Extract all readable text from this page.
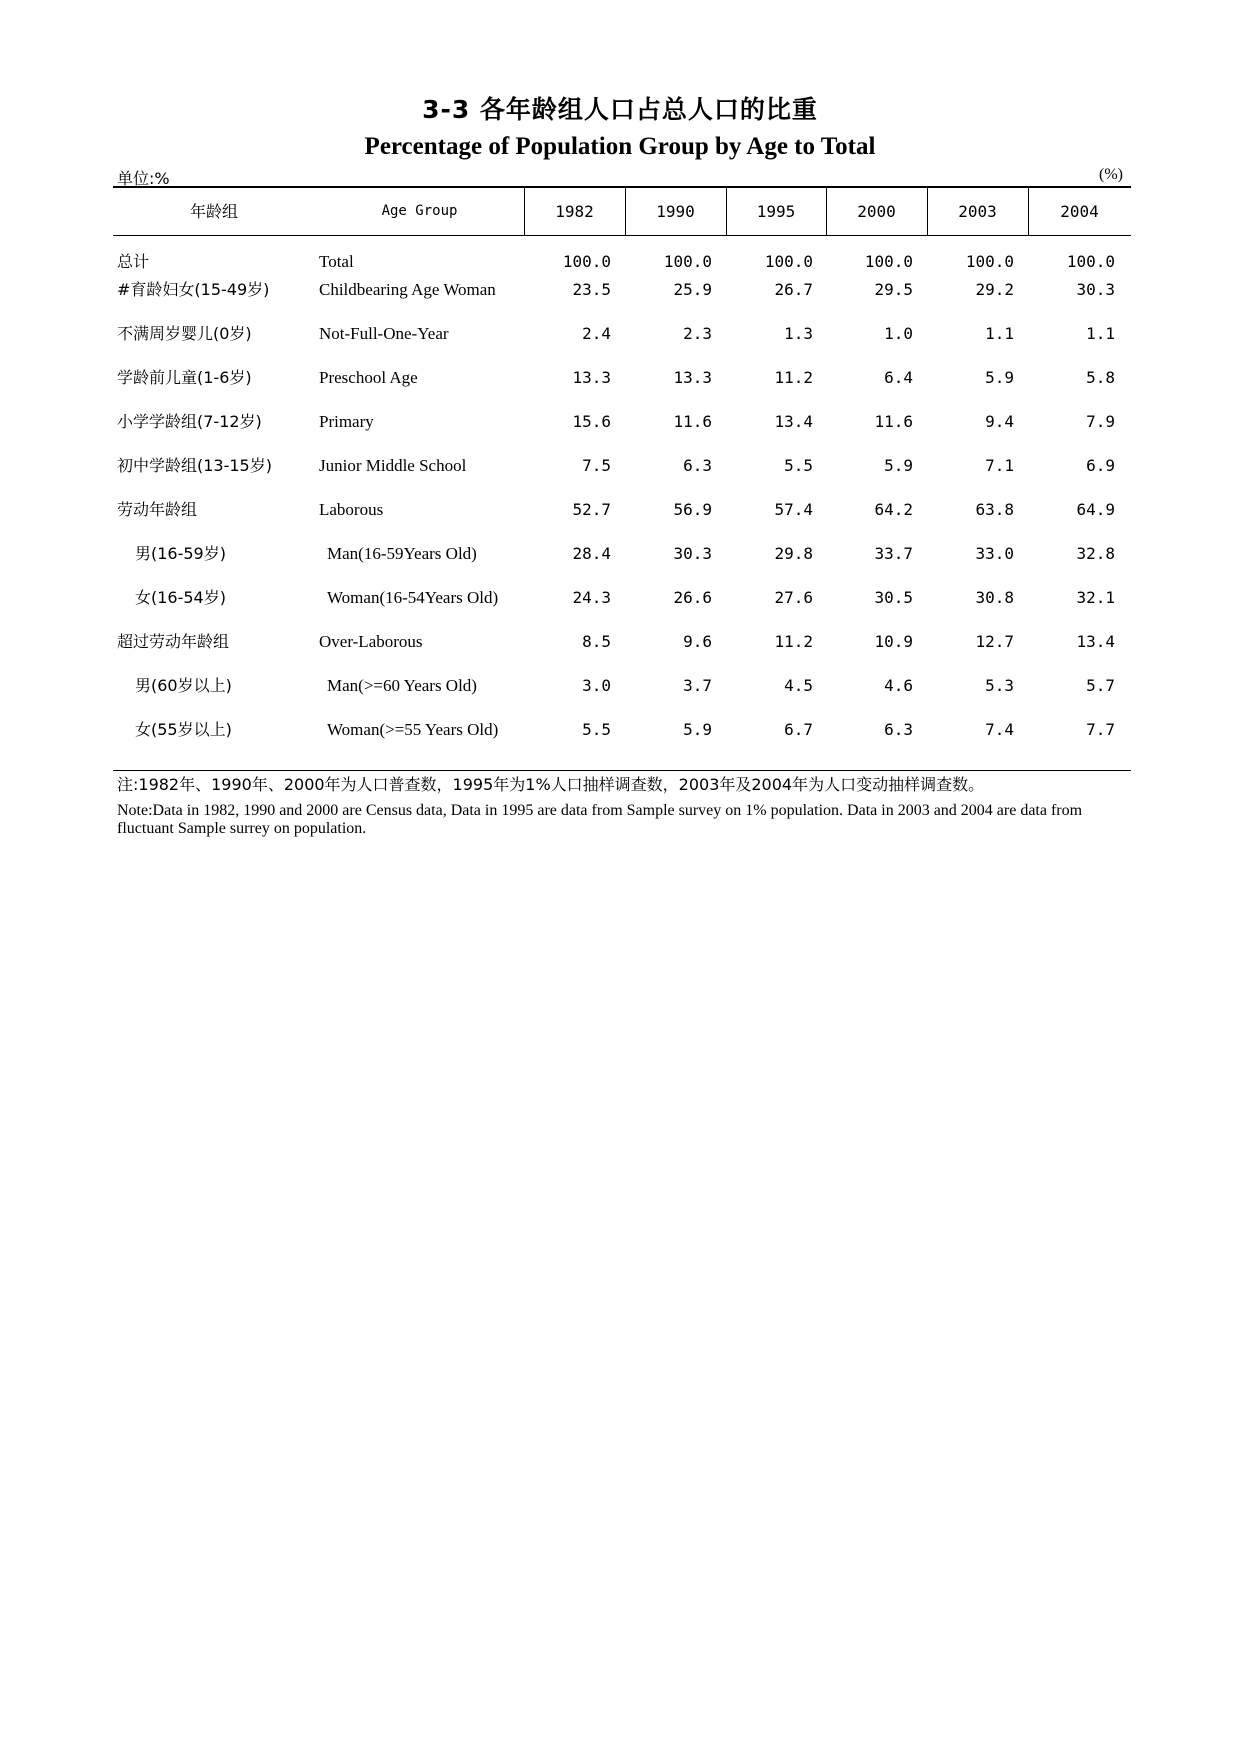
3-3 各年龄组人口占总人口的比重
Percentage of Population Group by Age to Total
单位:%	(%)
年龄组	Age Group	1982	1990	1995	2000	2003	2004
总计	Total	100.0	100.0	100.0	100.0	100.0	100.0
#育龄妇女(15-49岁)	Childbearing Age Woman	23.5	25.9	26.7	29.5	29.2	30.3
不满周岁婴儿(0岁)	Not-Full-One-Year	2.4	2.3	1.3	1.0	1.1	1.1
学龄前儿童(1-6岁)	Preschool Age	13.3	13.3	11.2	6.4	5.9	5.8
小学学龄组(7-12岁)	Primary	15.6	11.6	13.4	11.6	9.4	7.9
初中学龄组(13-15岁)	Junior Middle School	7.5	6.3	5.5	5.9	7.1	6.9
劳动年龄组	Laborous	52.7	56.9	57.4	64.2	63.8	64.9
男(16-59岁)	Man(16-59Years Old)	28.4	30.3	29.8	33.7	33.0	32.8
女(16-54岁)	Woman(16-54Years Old)	24.3	26.6	27.6	30.5	30.8	32.1
超过劳动年龄组	Over-Laborous	8.5	9.6	11.2	10.9	12.7	13.4
男(60岁以上)	Man(>=60 Years Old)	3.0	3.7	4.5	4.6	5.3	5.7
女(55岁以上)	Woman(>=55 Years Old)	5.5	5.9	6.7	6.3	7.4	7.7
注:1982年、1990年、2000年为人口普查数，1995年为1%人口抽样调查数，2003年及2004年为人口变动抽样调查数。
Note:Data in 1982, 1990 and 2000 are Census data, Data in 1995 are data from Sample survey on 1% population. Data in 2003 and 2004 are data from fluctuant Sample surrey on population.
